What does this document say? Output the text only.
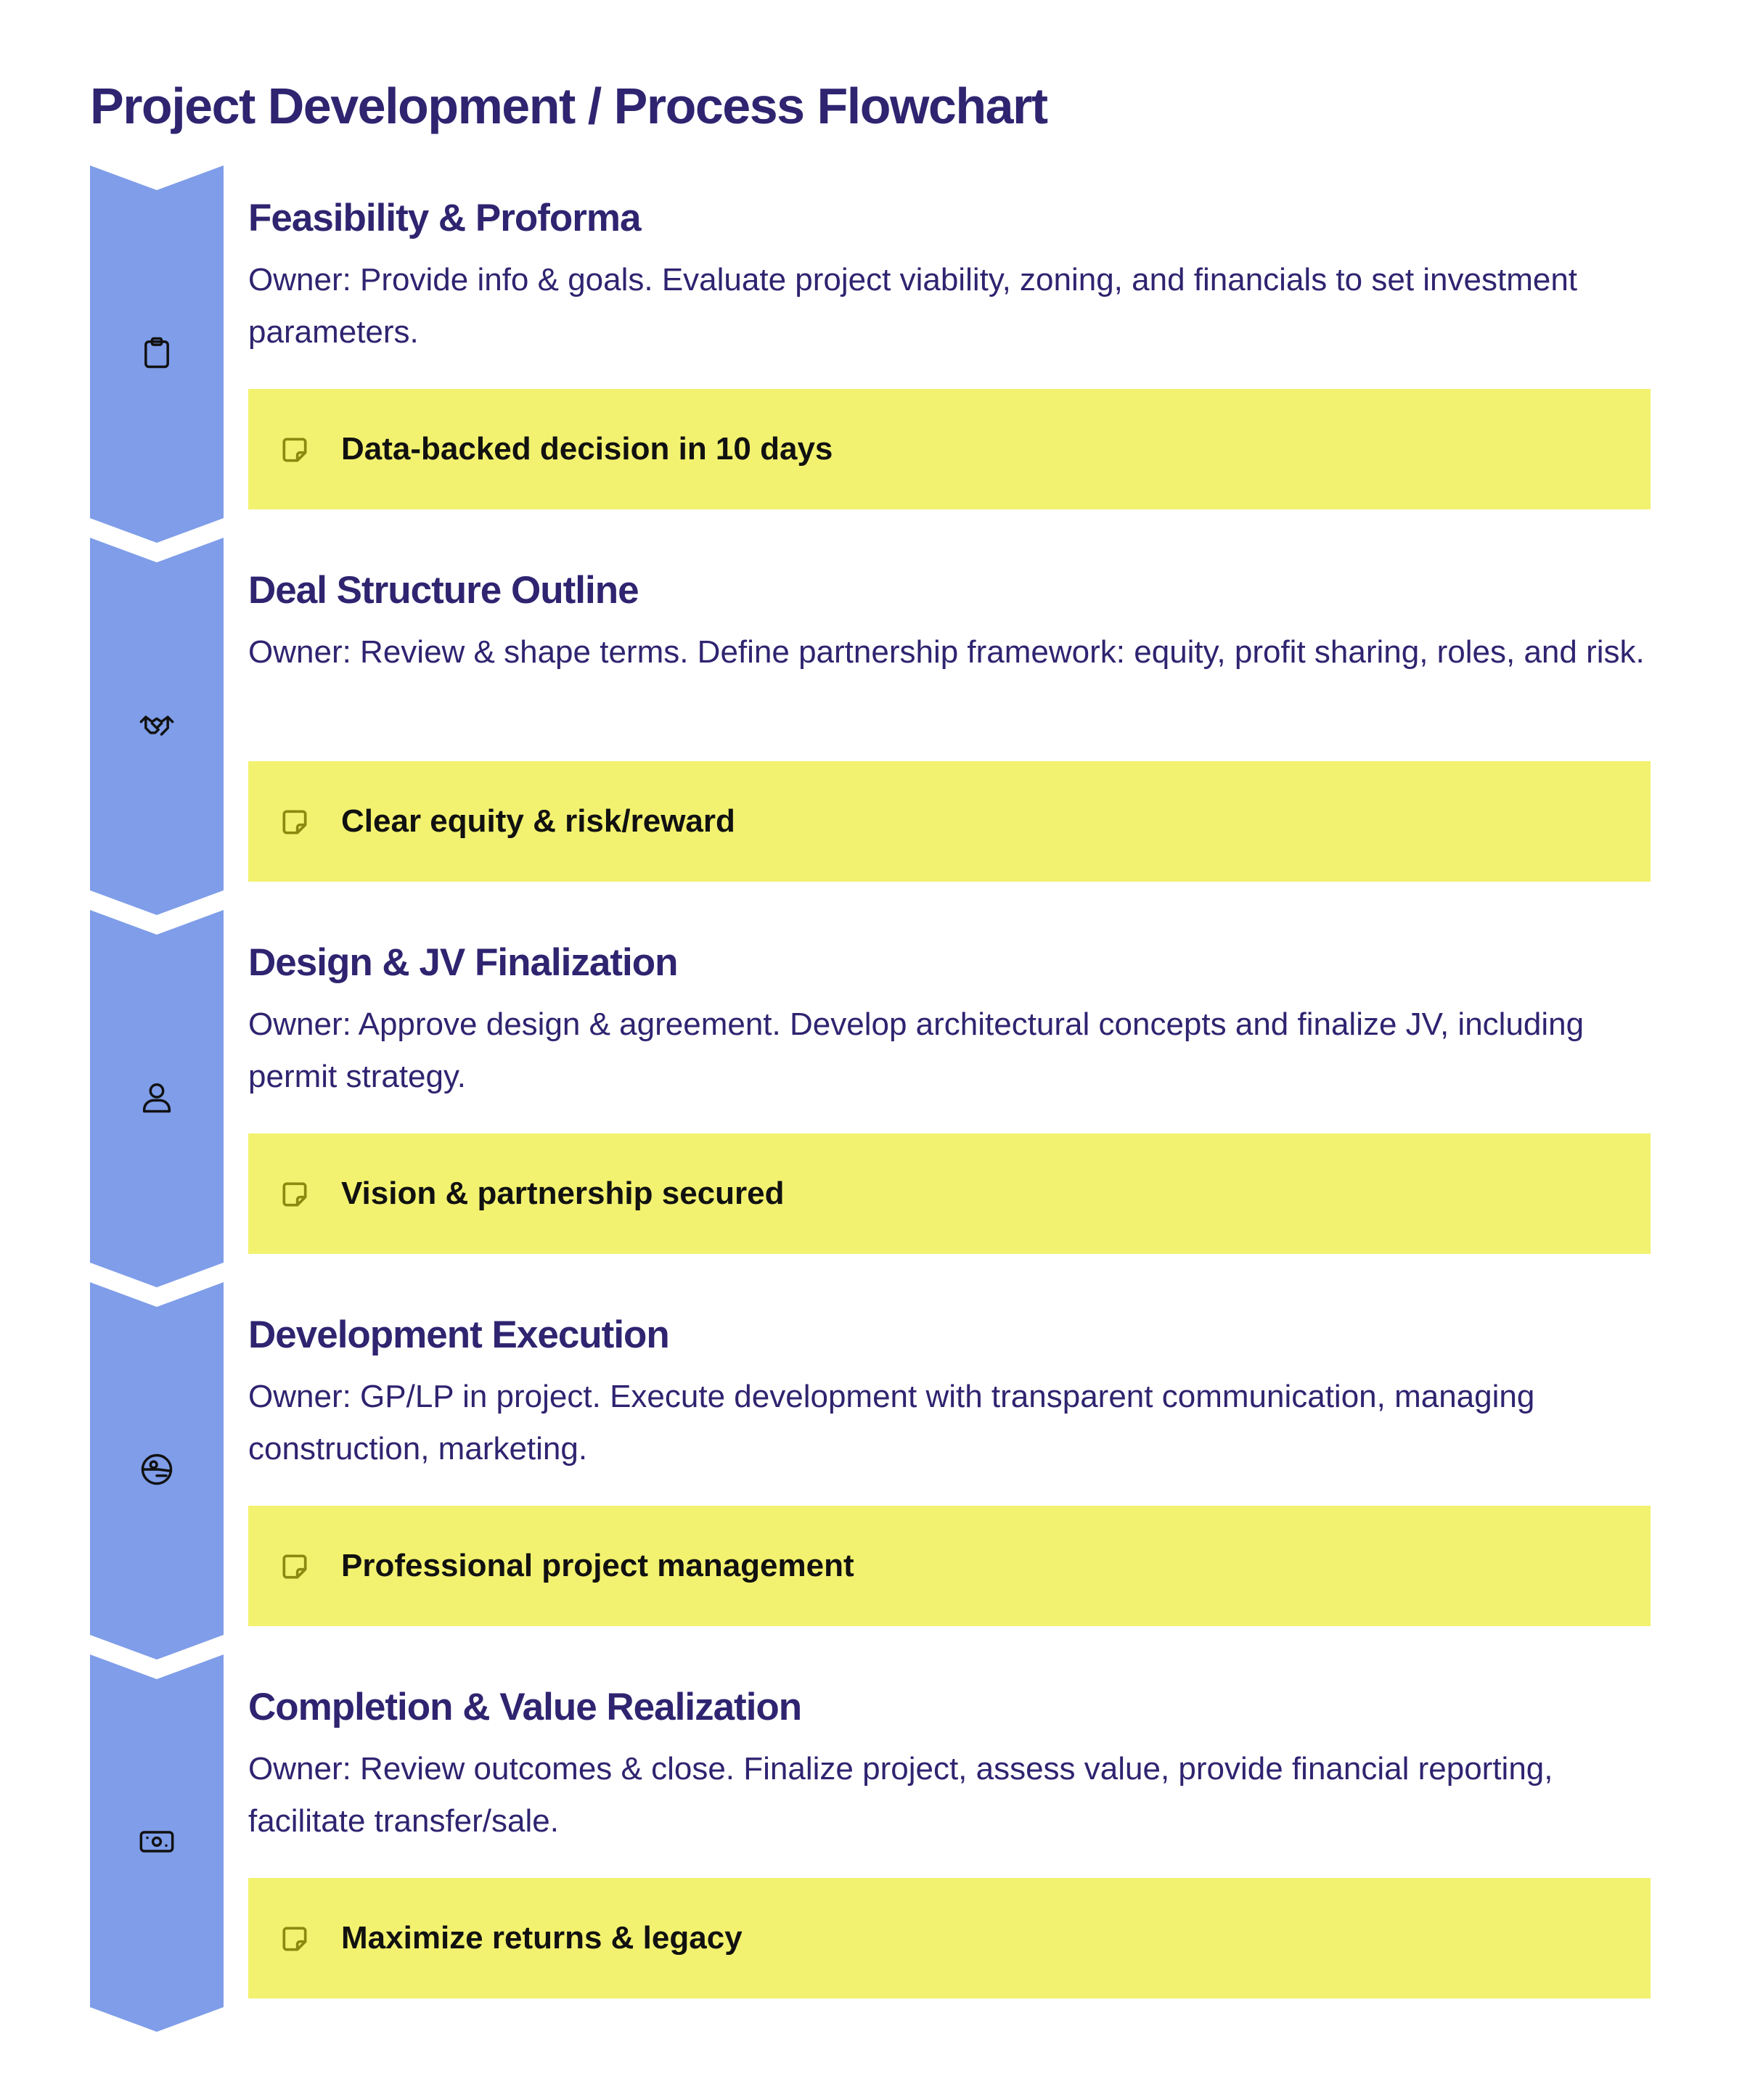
Project Development / Process Flowchart
Feasibility & Proforma
Owner: Provide info & goals. Evaluate project viability, zoning, and financials to set investment parameters.
Data-backed decision in 10 days
Deal Structure Outline
Owner: Review & shape terms. Define partnership framework: equity, profit sharing, roles, and risk.
Clear equity & risk/reward
Design & JV Finalization
Owner: Approve design & agreement. Develop architectural concepts and finalize JV, including permit strategy.
Vision & partnership secured
Development Execution
Owner: GP/LP in project. Execute development with transparent communication, managing construction, marketing.
Professional project management
Completion & Value Realization
Owner: Review outcomes & close. Finalize project, assess value, provide financial reporting, facilitate transfer/sale.
Maximize returns & legacy
